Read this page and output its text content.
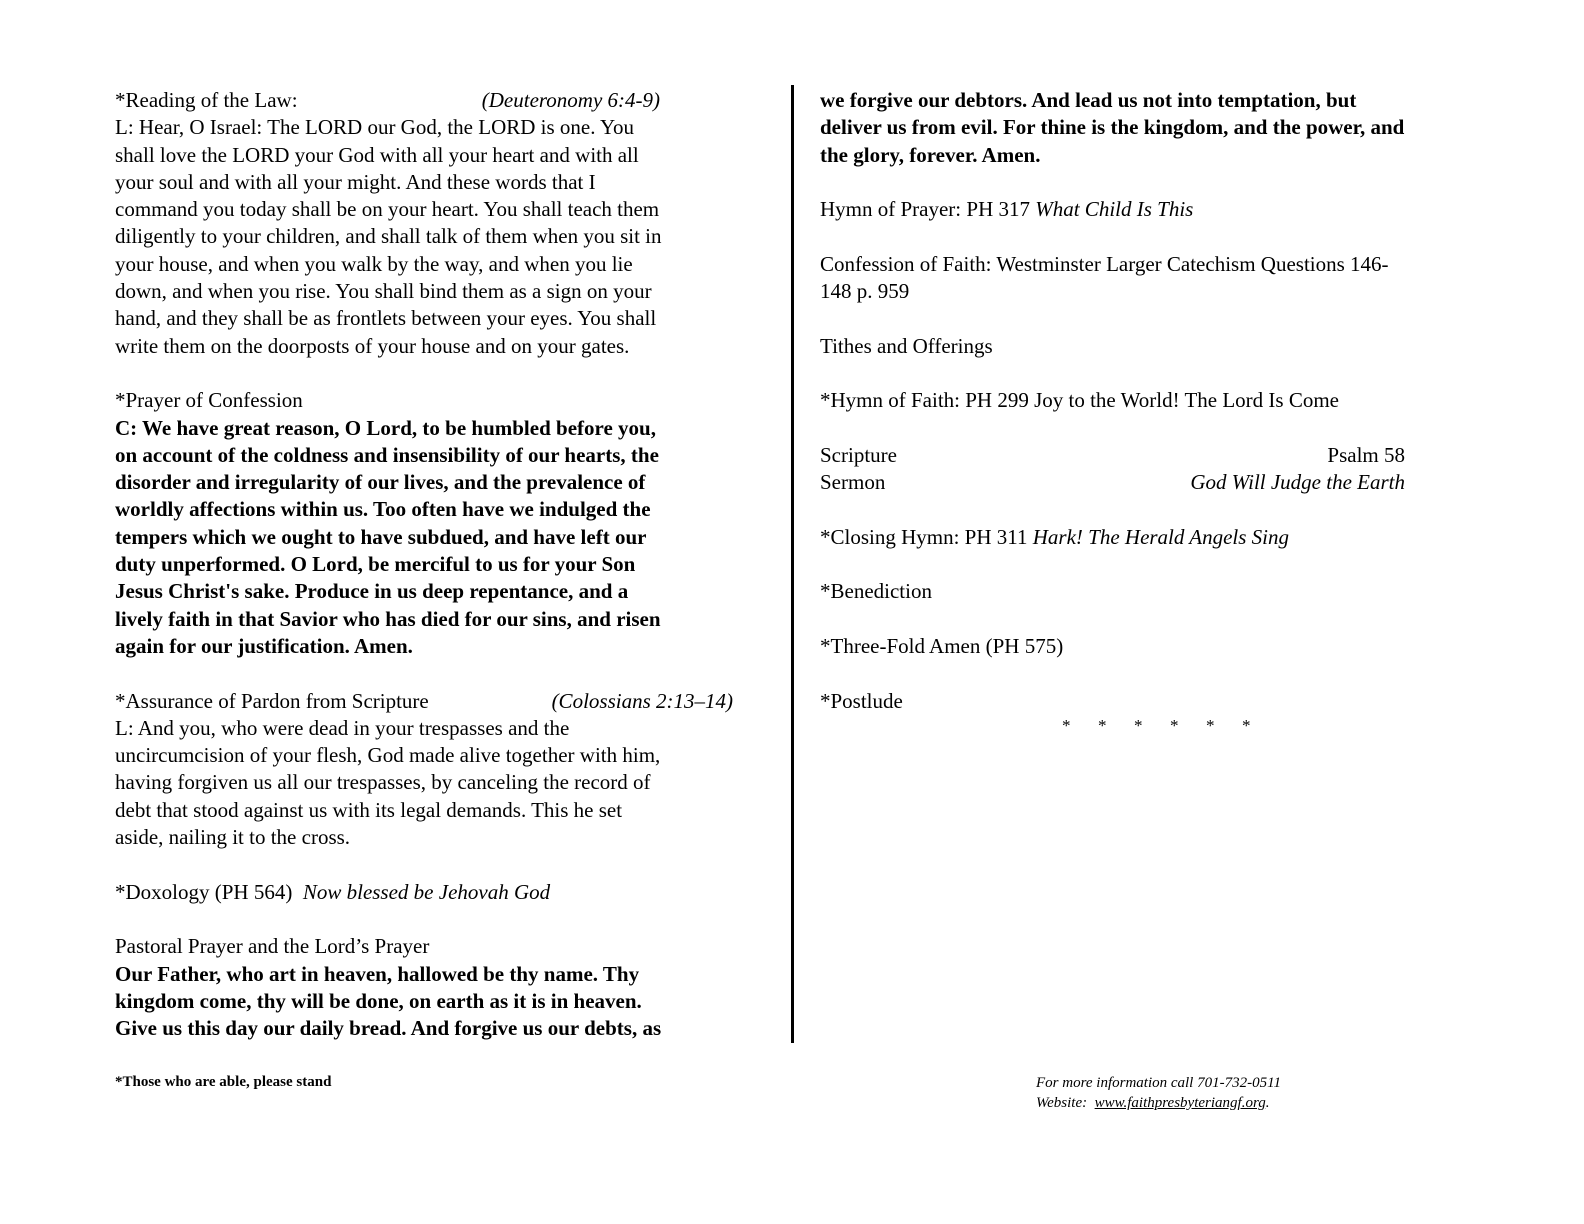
*Reading of the Law:	(Deuteronomy 6:4-9)

L: Hear, O Israel: The LORD our God, the LORD is one. You

shall love the LORD your God with all your heart and with all

your soul and with all your might. And these words that I

command you today shall be on your heart. You shall teach them

diligently to your children, and shall talk of them when you sit in

your house, and when you walk by the way, and when you lie

down, and when you rise. You shall bind them as a sign on your

hand, and they shall be as frontlets between your eyes. You shall

write them on the doorposts of your house and on your gates.

*Prayer of Confession

C: We have great reason, O Lord, to be humbled before you,

on account of the coldness and insensibility of our hearts, the

disorder and irregularity of our lives, and the prevalence of

worldly affections within us. Too often have we indulged the

tempers which we ought to have subdued, and have left our

duty unperformed. O Lord, be merciful to us for your Son

Jesus Christ's sake. Produce in us deep repentance, and a

lively faith in that Savior who has died for our sins, and risen

again for our justification. Amen.

*Assurance of Pardon from Scripture	(Colossians 2:13–14)

L: And you, who were dead in your trespasses and the

uncircumcision of your flesh, God made alive together with him,

having forgiven us all our trespasses, by canceling the record of

debt that stood against us with its legal demands. This he set

aside, nailing it to the cross.

*Doxology (PH 564) Now blessed be Jehovah God

Pastoral Prayer and the Lord’s Prayer

Our Father, who art in heaven, hallowed be thy name. Thy

kingdom come, thy will be done, on earth as it is in heaven.

Give us this day our daily bread. And forgive us our debts, as

we forgive our debtors. And lead us not into temptation, but

deliver us from evil. For thine is the kingdom, and the power, and

the glory, forever. Amen.

Hymn of Prayer: PH 317 What Child Is This

Confession of Faith: Westminster Larger Catechism Questions 146-

148 p. 959

Tithes and Offerings

*Hymn of Faith: PH 299 Joy to the World! The Lord Is Come

Scripture	Psalm 58
Sermon	God Will Judge the Earth

*Closing Hymn: PH 311 Hark! The Herald Angels Sing

*Benediction

*Three-Fold Amen (PH 575)

*Postlude

* * * * * *
*Those who are able, please stand	For more information call 701-732-0511
Website:  www.faithpresbyteriangf.org.
